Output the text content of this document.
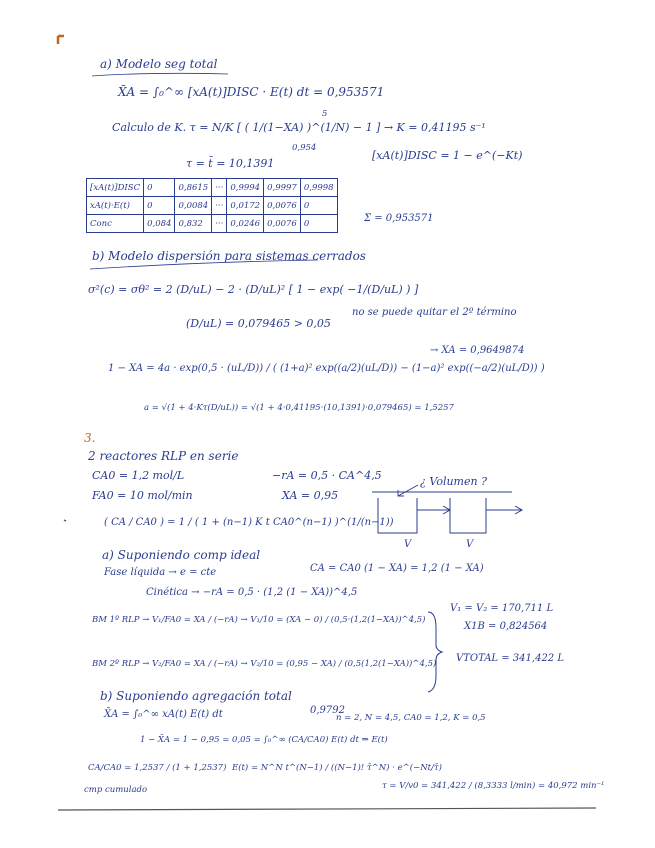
a) Modelo seg total
X̄A = ∫₀^∞ [xA(t)]DISC · E(t) dt = 0,953571
5
Calculo de K. τ = N/K [ ( 1/(1−XA) )^(1/N) − 1 ] → K = 0,41195 s⁻¹
0,954
τ = t̄ = 10,1391
[xA(t)]DISC = 1 − e^(−Kt)
[xA(t)]DISC	0	0,8615	···	0,9994	0,9997	0,9998
xA(t)·E(t)	0	0,0084	···	0,0172	0,0076	0
Conc	0,084	0,832	···	0,0246	0,0076	0	Σ = 0,953571
b) Modelo dispersión para sistemas cerrados
σ²(c) = σθ² = 2 (D/uL) − 2 · (D/uL)² [ 1 − exp( −1/(D/uL) ) ]
(D/uL) = 0,079465 > 0,05
no se puede quitar el 2º término
1 − XA = 4a · exp(0,5 · (uL/D)) / ( (1+a)² exp((a/2)(uL/D)) − (1−a)² exp((−a/2)(uL/D)) )
→ XA = 0,9649874
a = √(1 + 4·Kτ(D/uL)) = √(1 + 4·0,41195·(10,1391)·0,079465) = 1,5257
3.
2 reactores RLP en serie
CA0 = 1,2 mol/L	−rA = 0,5 · CA^4,5
FA0 = 10 mol/min	XA = 0,95
¿ Volumen ?
( CA / CA0 ) = 1 / ( 1 + (n−1) K t CA0^(n−1) )^(1/(n−1))
V	V
a) Suponiendo comp ideal
Fase líquida → e = cte	CA = CA0 (1 − XA) = 1,2 (1 − XA)
Cinética → −rA = 0,5 · (1,2 (1 − XA))^4,5
BM 1º RLP → V₁/FA0 = XA / (−rA) → V₁/10 = (XA − 0) / (0,5·(1,2(1−XA))^4,5)
BM 2º RLP → V₂/FA0 = XA / (−rA) → V₂/10 = (0,95 − XA) / (0,5(1,2(1−XA))^4,5)
V₁ = V₂ = 170,711 L
X1B = 0,824564
VTOTAL = 341,422 L
b) Suponiendo agregación total
0,9792
X̄A = ∫₀^∞ xA(t) E(t) dt	n = 2, N = 4,5, CA0 = 1,2, K = 0,5
1 − X̄A = 1 − 0,95 = 0,05 = ∫₀^∞ (CA/CA0) E(t) dt ⇒ E(t)
CA/CA0 = 1,2537 / (1 + 1,2537) E(t) = N^N t^(N−1) / ((N−1)! τ̄^N) · e^(−Nt/τ̄)
τ = V/v0 = 341,422 / (8,3333 l/min) = 40,972 min⁻¹
cmp cumulado
